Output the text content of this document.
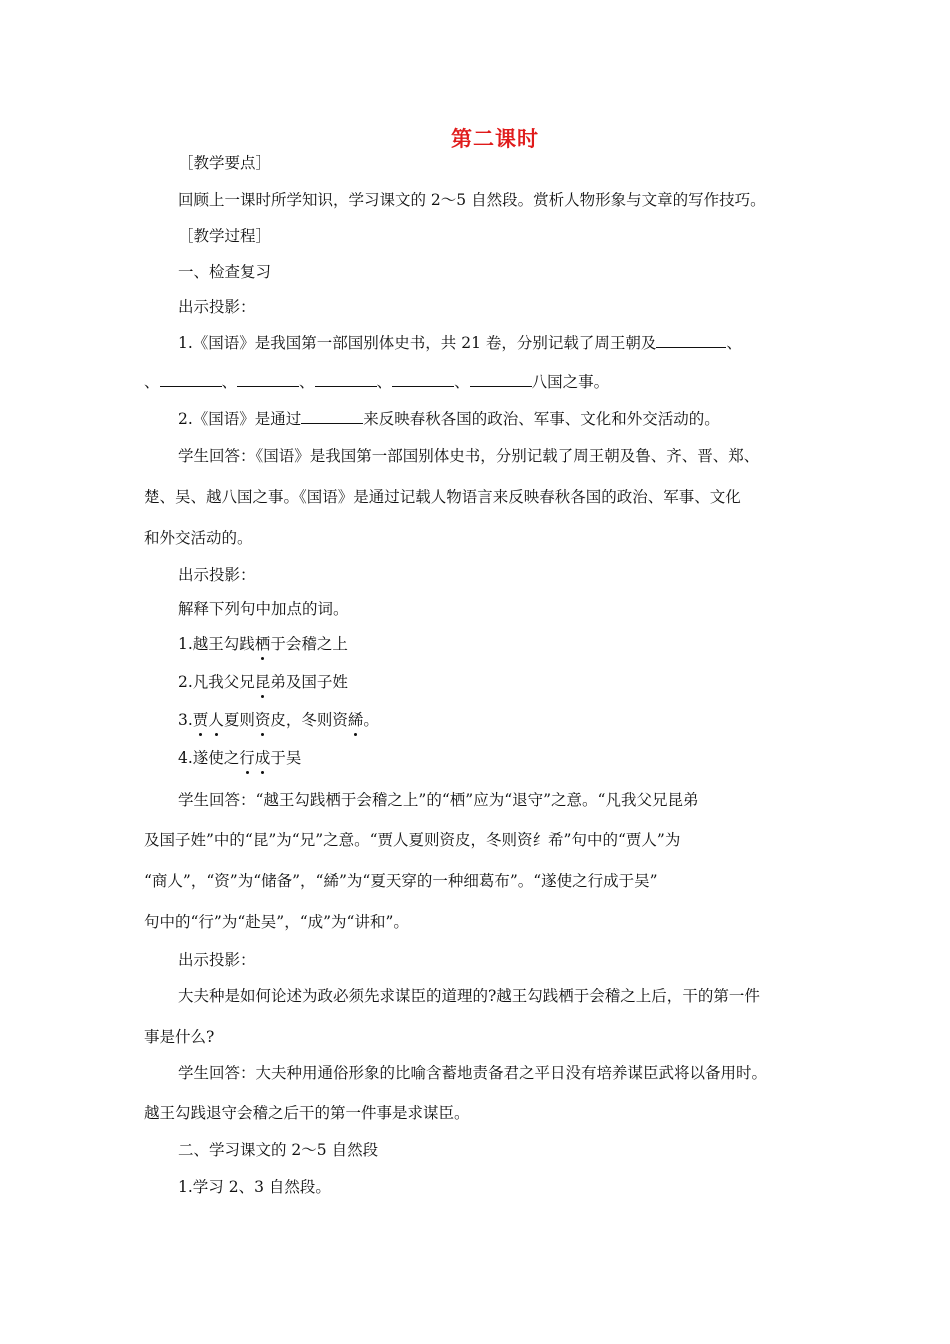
第二课时
［教学要点］
回顾上一课时所学知识，学习课文的 2～5 自然段。赏析人物形象与文章的写作技巧。
［教学过程］
一、检查复习
出示投影：
1.《国语》是我国第一部国别体史书，共 21 卷，分别记载了周王朝及	、
、	、	、	、	、	八国之事。
2.《国语》是通过	来反映春秋各国的政治、军事、文化和外交活动的。
学生回答：《国语》是我国第一部国别体史书，分别记载了周王朝及鲁、齐、晋、郑、
楚、吴、越八国之事。《国语》是通过记载人物语言来反映春秋各国的政治、军事、文化
和外交活动的。
出示投影：
解释下列句中加点的词。
1.越王勾践栖于会稽之上
2.凡我父兄昆弟及国子姓
3.贾人夏则资皮，冬则资絺。
4.遂使之行成于吴
学生回答：“越王勾践栖于会稽之上”的“栖”应为“退守”之意。“凡我父兄昆弟
及国子姓”中的“昆”为“兄”之意。“贾人夏则资皮，冬则资纟希”句中的“贾人”为
“商人”，“资”为“储备”，“絺”为“夏天穿的一种细葛布”。“遂使之行成于吴”
句中的“行”为“赴吴”，“成”为“讲和”。
出示投影：
大夫种是如何论述为政必须先求谋臣的道理的?越王勾践栖于会稽之上后，干的第一件
事是什么?
学生回答：大夫种用通俗形象的比喻含蓄地责备君之平日没有培养谋臣武将以备用时。
越王勾践退守会稽之后干的第一件事是求谋臣。
二、学习课文的 2～5 自然段
1.学习 2、3 自然段。
